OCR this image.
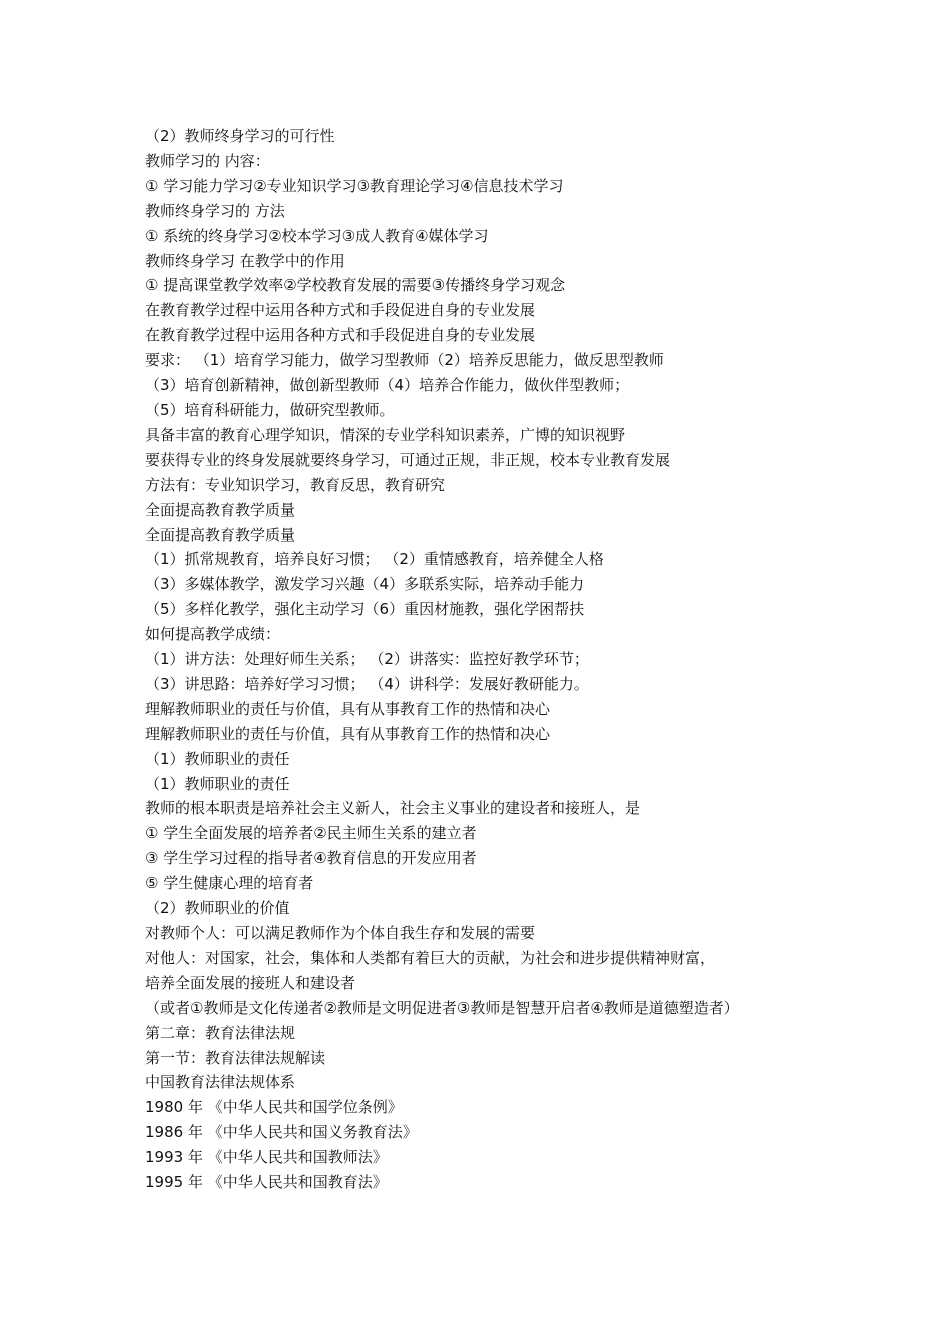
（2）教师终身学习的可行性
教师学习的 内容：
① 学习能力学习②专业知识学习③教育理论学习④信息技术学习
教师终身学习的 方法
① 系统的终身学习②校本学习③成人教育④媒体学习
教师终身学习 在教学中的作用
① 提高课堂教学效率②学校教育发展的需要③传播终身学习观念
在教育教学过程中运用各种方式和手段促进自身的专业发展
在教育教学过程中运用各种方式和手段促进自身的专业发展
要求： （1）培育学习能力，做学习型教师（2）培养反思能力，做反思型教师
（3）培育创新精神，做创新型教师（4）培养合作能力，做伙伴型教师；
（5）培育科研能力，做研究型教师。
具备丰富的教育心理学知识，情深的专业学科知识素养，广博的知识视野
要获得专业的终身发展就要终身学习，可通过正规，非正规，校本专业教育发展
方法有：专业知识学习，教育反思，教育研究
全面提高教育教学质量
全面提高教育教学质量
（1）抓常规教育，培养良好习惯； （2）重情感教育，培养健全人格
（3）多媒体教学，激发学习兴趣（4）多联系实际，培养动手能力
（5）多样化教学，强化主动学习（6）重因材施教，强化学困帮扶
如何提高教学成绩：
（1）讲方法：处理好师生关系； （2）讲落实：监控好教学环节；
（3）讲思路：培养好学习习惯； （4）讲科学：发展好教研能力。
理解教师职业的责任与价值，具有从事教育工作的热情和决心
理解教师职业的责任与价值，具有从事教育工作的热情和决心
（1）教师职业的责任
（1）教师职业的责任
教师的根本职责是培养社会主义新人，社会主义事业的建设者和接班人，是
① 学生全面发展的培养者②民主师生关系的建立者
③ 学生学习过程的指导者④教育信息的开发应用者
⑤ 学生健康心理的培育者
（2）教师职业的价值
对教师个人：可以满足教师作为个体自我生存和发展的需要
对他人：对国家，社会，集体和人类都有着巨大的贡献，为社会和进步提供精神财富，
培养全面发展的接班人和建设者
（或者①教师是文化传递者②教师是文明促进者③教师是智慧开启者④教师是道德塑造者）
第二章：教育法律法规
第一节：教育法律法规解读
中国教育法律法规体系
1980 年 《中华人民共和国学位条例》
1986 年 《中华人民共和国义务教育法》
1993 年 《中华人民共和国教师法》
1995 年 《中华人民共和国教育法》
